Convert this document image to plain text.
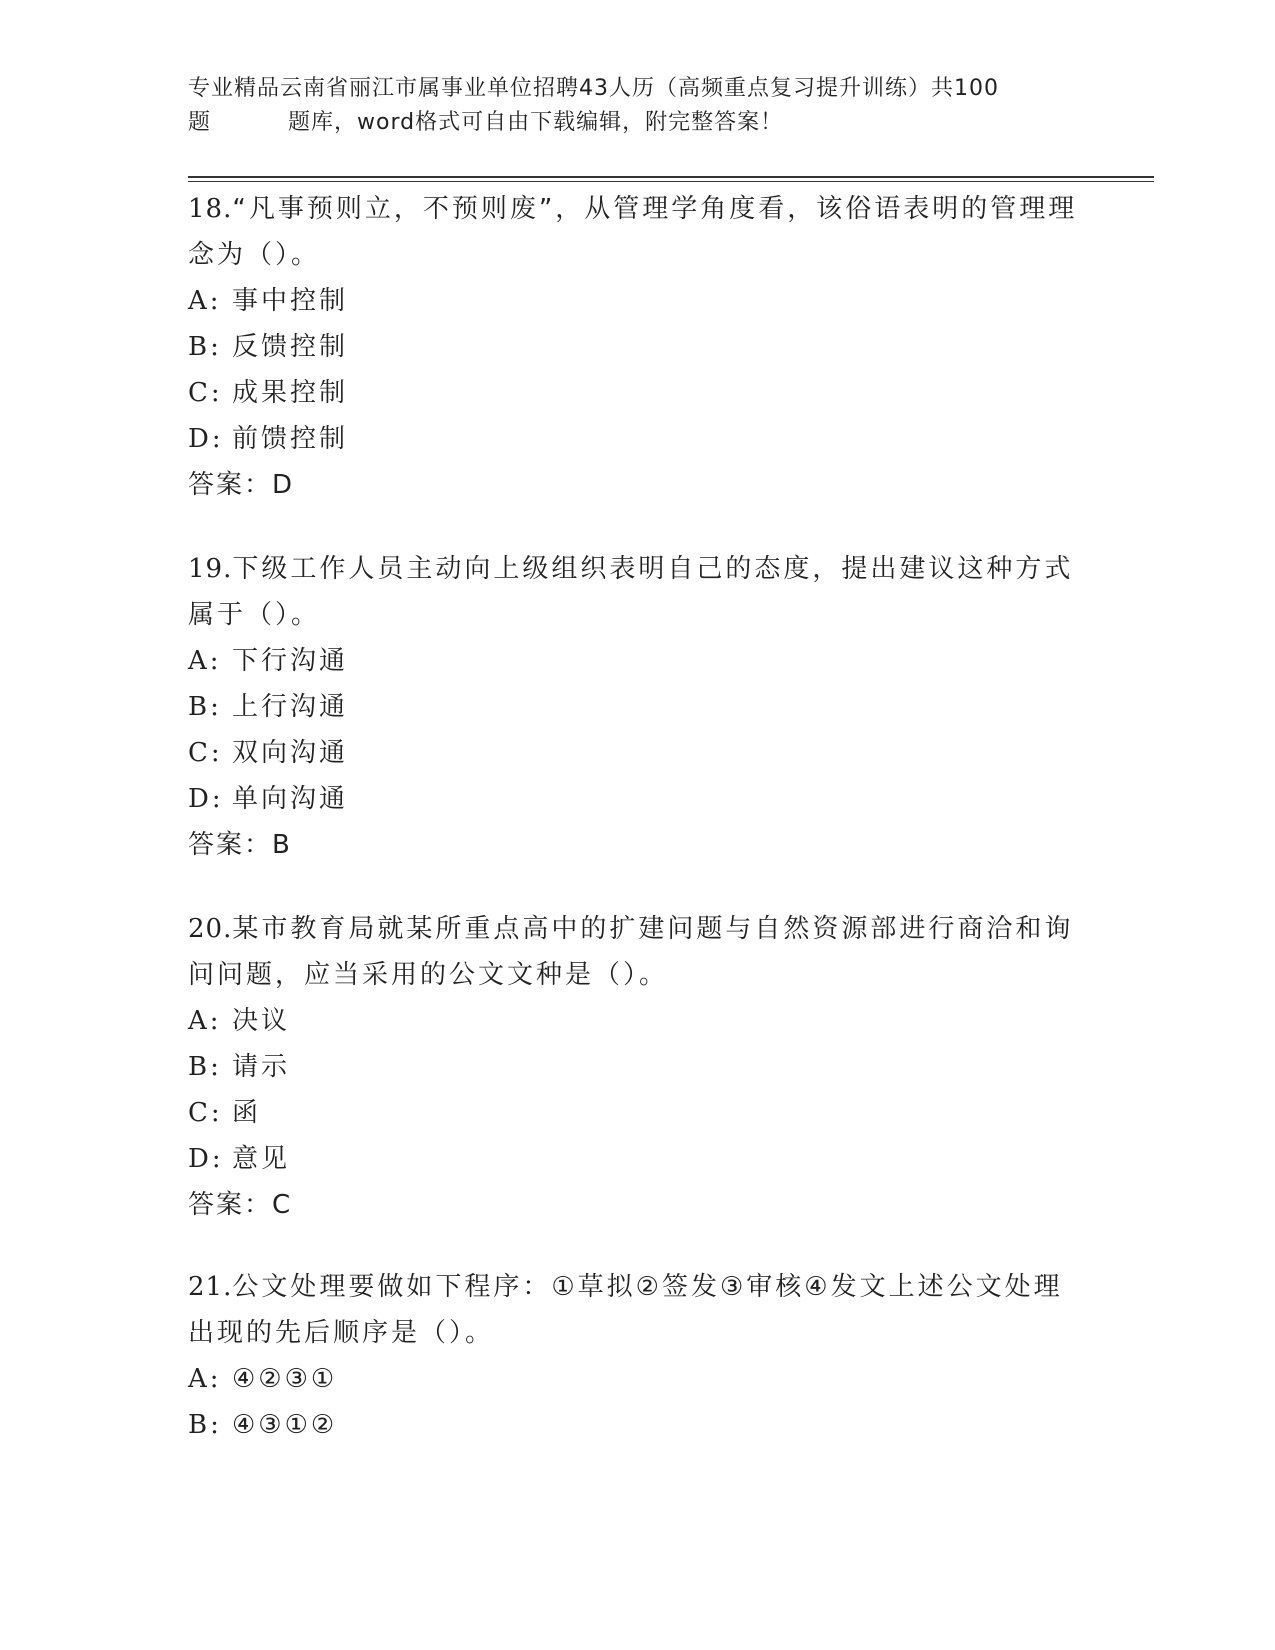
专业精品云南省丽江市属事业单位招聘43人历（高频重点复习提升训练）共100
题	题库，word格式可自由下载编辑，附完整答案！

18.“凡事预则立，不预则废”，从管理学角度看，该俗语表明的管理理念为（）。

A: 事中控制
B: 反馈控制
C: 成果控制
D: 前馈控制
答案：D

19.下级工作人员主动向上级组织表明自己的态度，提出建议这种方式属于（）。

A: 下行沟通
B: 上行沟通
C: 双向沟通
D: 单向沟通
答案：B

20.某市教育局就某所重点高中的扩建问题与自然资源部进行商洽和询问问题，应当采用的公文文种是（）。

A: 决议
B: 请示
C: 函
D: 意见
答案：C

21.公文处理要做如下程序：①草拟②签发③审核④发文上述公文处理出现的先后顺序是（）。

A: ④②③①
B: ④③①②
